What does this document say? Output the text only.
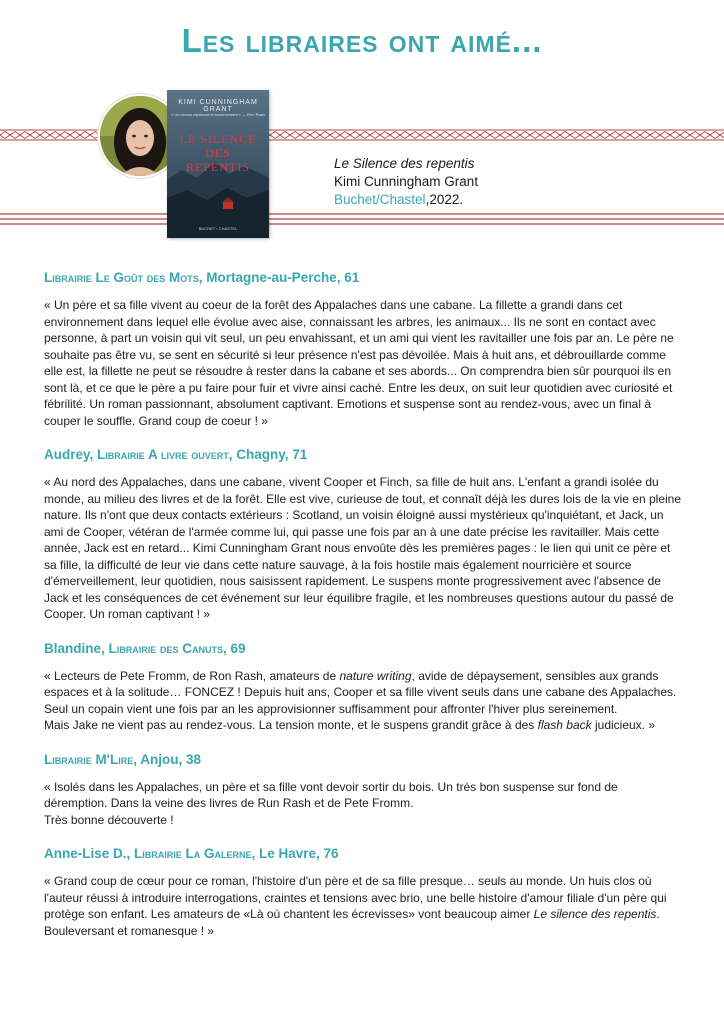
Les libraires ont aimé...
KIMI CUNNINGHAM GRANT
« Un roman captivant et bouleversant » — Ron Rash
LE SILENCE
DES
REPENTIS
BUCHET • CHASTEL
Le Silence des repentis
Kimi Cunningham Grant
Buchet/Chastel,2022.
Librairie Le Goût des Mots, Mortagne-au-Perche, 61
« Un père et sa fille vivent au coeur de la forêt des Appalaches dans une cabane. La fillette a grandi dans cet environnement dans lequel elle évolue avec aise, connaissant les arbres, les animaux... Ils ne sont en contact avec personne, à part un voisin qui vit seul, un peu envahissant, et un ami qui vient les ravitailler une fois par an. Le père ne souhaite pas être vu, se sent en sécurité si leur présence n'est pas dévoilée. Mais à huit ans, et débrouillarde comme elle est, la fillette ne peut se résoudre à rester dans la cabane et ses abords... On comprendra bien sûr pourquoi ils en sont là, et ce que le père a pu faire pour fuir et vivre ainsi caché. Entre les deux, on suit leur quotidien avec curiosité et fébrilité. Un roman passionnant, absolument captivant. Emotions et suspense sont au rendez-vous, avec un final à couper le souffle. Grand coup de coeur ! »
Audrey, Librairie A livre ouvert, Chagny, 71
« Au nord des Appalaches, dans une cabane, vivent Cooper et Finch, sa fille de huit ans. L'enfant a grandi isolée du monde, au milieu des livres et de la forêt. Elle est vive, curieuse de tout, et connaît déjà les dures lois de la vie en pleine nature. Ils n'ont que deux contacts extérieurs : Scotland, un voisin éloigné aussi mystérieux qu'inquiétant, et Jack, un ami de Cooper, vétéran de l'armée comme lui, qui passe une fois par an à une date précise les ravitailler. Mais cette année, Jack est en retard... Kimi Cunningham Grant nous envoûte dès les premières pages : le lien qui unit ce père et sa fille, la difficulté de leur vie dans cette nature sauvage, à la fois hostile mais également nourricière et source d'émerveillement, leur quotidien, nous saisissent rapidement. Le suspens monte progressivement avec l'absence de Jack et les conséquences de cet événement sur leur équilibre fragile, et les nombreuses questions autour du passé de Cooper. Un roman captivant ! »
Blandine, Librairie des Canuts, 69

« Lecteurs de Pete Fromm, de Ron Rash, amateurs de nature writing, avide de dépaysement, sensibles aux grands espaces et à la solitude… FONCEZ ! Depuis huit ans, Cooper et sa fille vivent seuls dans une cabane des Appalaches. Seul un copain vient une fois par an les approvisionner suffisamment pour affronter l'hiver plus sereinement.

Mais Jake ne vient pas au rendez-vous. La tension monte, et le suspens grandit grâce à des flash back judicieux. »

Librairie M'Lire, Anjou, 38

« Isolés dans les Appalaches, un père et sa fille vont devoir sortir du bois. Un très bon suspense sur fond de déremption. Dans la veine des livres de Run Rash et de Pete Fromm.

Très bonne découverte !

Anne-Lise D., Librairie La Galerne, Le Havre, 76

« Grand coup de cœur pour ce roman, l'histoire d'un père et de sa fille presque… seuls au monde. Un huis clos où l'auteur réussi à introduire interrogations, craintes et tensions avec brio, une belle histoire d'amour filiale d'un père qui protège son enfant. Les amateurs de «Là où chantent les écrevisses» vont beaucoup aimer Le silence des repentis. Bouleversant et romanesque ! »
